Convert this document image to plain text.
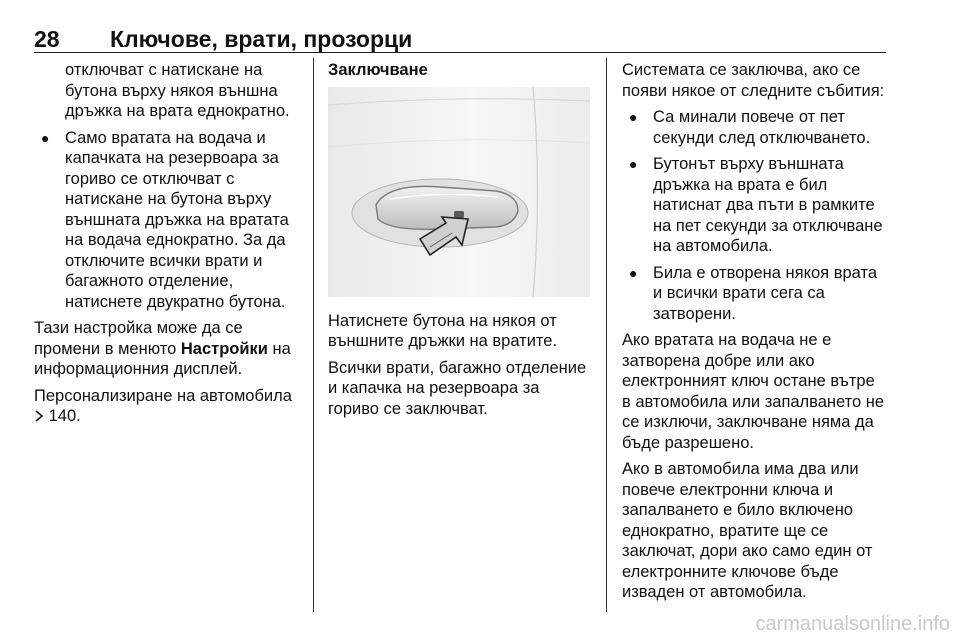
28 Ключове, врати, прозорци

отключват с натискане на бутона върху някоя външна дръжка на врата еднократно.

● Само вратата на водача и капачката на резервоара за гориво се отключват с натискане на бутона върху външната дръжка на вратата на водача еднократно. За да отключите всички врати и багажното отделение, натиснете двукратно бутона.

Тази настройка може да се промени в менюто Настройки на информационния дисплей.

Персонализиране на автомобила  140.

Заключване

Натиснете бутона на някоя от външните дръжки на вратите.

Всички врати, багажно отделение и капачка на резервоара за гориво се заключват.

Системата се заключва, ако се появи някое от следните събития:

● Са минали повече от пет секунди след отключването.
● Бутонът върху външната дръжка на врата е бил натиснат два пъти в рамките на пет секунди за отключване на автомобила.
● Била е отворена някоя врата и всички врати сега са затворени.

Ако вратата на водача не е затворена добре или ако електронният ключ остане вътре в автомобила или запалването не се изключи, заключване няма да бъде разрешено.

Ако в автомобила има два или повече електронни ключа и запалването е било включено еднократно, вратите ще се заключат, дори ако само един от електронните ключове бъде изваден от автомобила.

carmanualsonline.info
